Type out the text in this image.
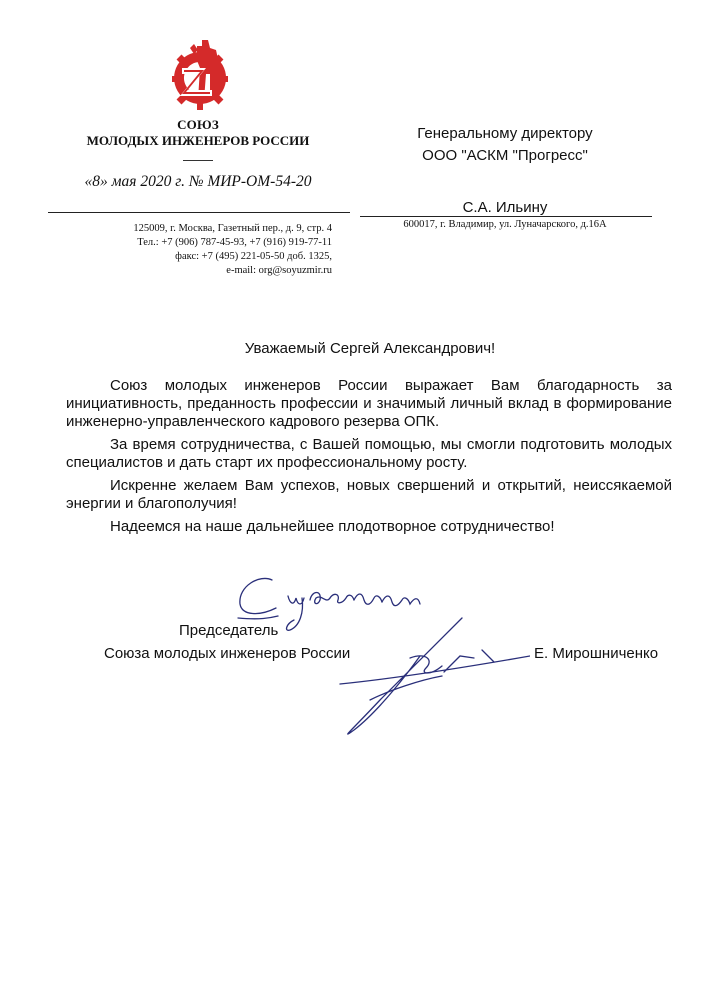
СОЮЗ
МОЛОДЫХ ИНЖЕНЕРОВ РОССИИ
«8» мая 2020 г. № МИР-ОМ-54-20
125009, г. Москва, Газетный пер., д. 9, стр. 4
Тел.: +7 (906) 787-45-93, +7 (916) 919-77-11
факс: +7 (495) 221-05-50 доб. 1325,
e-mail: org@soyuzmir.ru
Генеральному директору
ООО "АСКМ "Прогресс"
С.А. Ильину
600017, г. Владимир, ул. Луначарского, д.16А
Уважаемый Сергей Александрович!

Союз молодых инженеров России выражает Вам благодарность за инициативность, преданность профессии и значимый личный вклад в формирование инженерно-управленческого кадрового резерва ОПК.

За время сотрудничества, с Вашей помощью, мы смогли подготовить молодых специалистов и дать старт их профессиональному росту.

Искренне желаем Вам успехов, новых свершений и открытий, неиссякаемой энергии и благополучия!

Надеемся на наше дальнейшее плодотворное сотрудничество!

Председатель
Союза молодых инженеров России	Е. Мирошниченко
